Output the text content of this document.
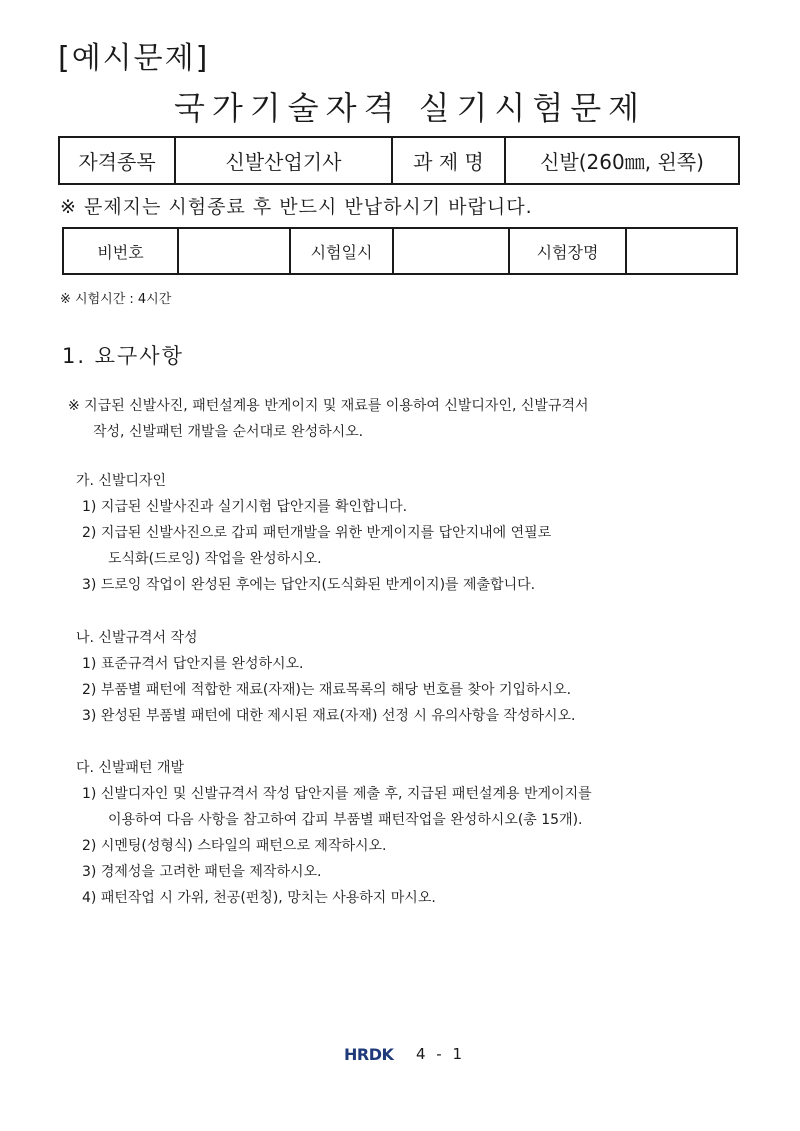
[예시문제]
국가기술자격 실기시험문제
자격종목	신발산업기사	과 제 명	신발(260㎜, 왼쪽)
※ 문제지는 시험종료 후 반드시 반납하시기 바랍니다.
비번호		시험일시		시험장명	
※ 시험시간 : 4시간
1. 요구사항
※ 지급된 신발사진, 패턴설계용 반게이지 및 재료를 이용하여 신발디자인, 신발규격서
작성, 신발패턴 개발을 순서대로 완성하시오.
가. 신발디자인
1) 지급된 신발사진과 실기시험 답안지를 확인합니다.
2) 지급된 신발사진으로 갑피 패턴개발을 위한 반게이지를 답안지내에 연필로
도식화(드로잉) 작업을 완성하시오.
3) 드로잉 작업이 완성된 후에는 답안지(도식화된 반게이지)를 제출합니다.
나. 신발규격서 작성
1) 표준규격서 답안지를 완성하시오.
2) 부품별 패턴에 적합한 재료(자재)는 재료목록의 해당 번호를 찾아 기입하시오.
3) 완성된 부품별 패턴에 대한 제시된 재료(자재) 선정 시 유의사항을 작성하시오.
다. 신발패턴 개발
1) 신발디자인 및 신발규격서 작성 답안지를 제출 후, 지급된 패턴설계용 반게이지를
이용하여 다음 사항을 참고하여 갑피 부품별 패턴작업을 완성하시오(총 15개).
2) 시멘팅(성형식) 스타일의 패턴으로 제작하시오.
3) 경제성을 고려한 패턴을 제작하시오.
4) 패턴작업 시 가위, 천공(펀칭), 망치는 사용하지 마시오.
HRDK 4 - 1
